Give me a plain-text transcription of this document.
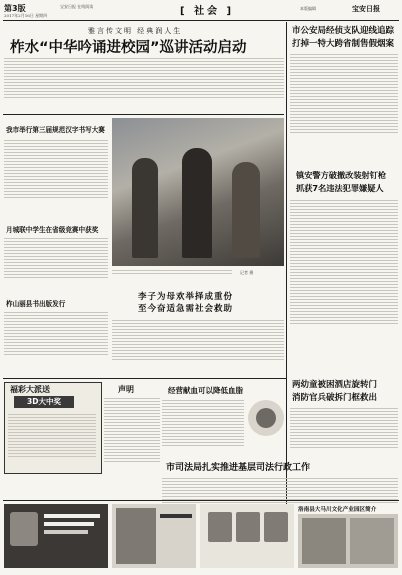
第3版
2017年2月16日 星期四
宝安日报 在线阅读	[ 社会 ]	本版编辑	宝安日报
雅言传文明 经典润人生
柞水“中华吟诵进校园”巡讲活动启动
我市举行第三届规范汉字书写大赛
月城联中学生在省级竞赛中获奖
柞山丽县书出版发行
记者 摄
李子为母欢举择成重份
至今奋适急需社会救助
市公安局经侦支队迎线追踪
打掉一特大跨省制售假烟案
镇安警方破撤改装射钉枪
抓获7名违法犯罪嫌疑人
两幼童被困酒店旋转门
消防官兵破拆门框救出
福彩大派送
3D大中奖
声明	经营献血可以降低血脂
市司法局扎实推进基层司法行政工作
洛南县大马川文化产业园区简介
